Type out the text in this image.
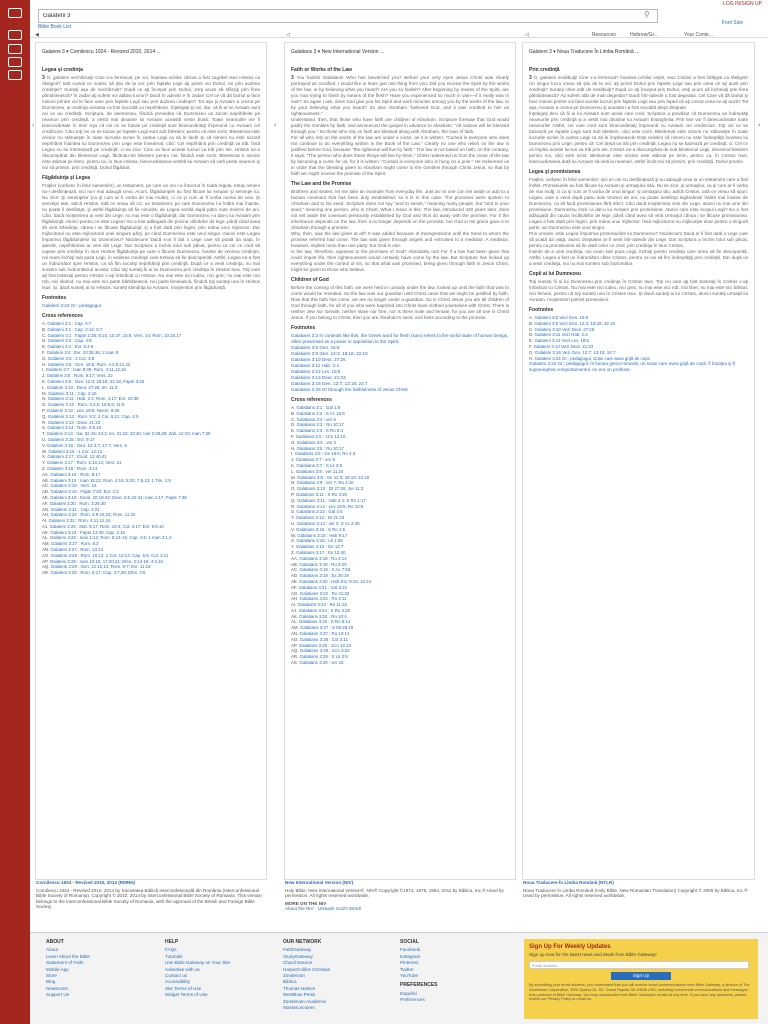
Galateni 3
⚲
LOG IN/SIGN UP
Bible Book List
Font Size
◀	◁	◁	Resources	Hebrew/Gr...	Your Conte...
‹	‹	›
Galateni 3 ▾ Cornilescu 1924 - Revized 2010, 2014 ...
Legea şi credinţa
3 O, galateni nechibzuiţi! Cine v-a fermecat, pe voi, înaintea ochilor cărora a fost zugrăvit Isus Hristos ca răstignit? Iată numai ce voiesc să ştiu de la voi: prin faptele Legii aţi primit voi Duhul, ori prin auzirea credinţei? Sunteţi aşa de nechibzuiţi? După ce aţi început prin Duhul, vreţi acum să sfârşiţi prin firea pământească? În zadar aţi suferit voi atâtea lucruri? Dacă în adevăr e în zadar! Cel ce vă dă Duhul şi face minuni printre voi le face oare prin faptele Legii sau prin auzirea credinţei? Tot aşa şi Avraam a crezut pe Dumnezeu, şi credinţa aceasta i-a fost socotită ca neprihănire. Înţelegeţi şi voi, dar, că fii ai lui Avraam sunt cei ce au credinţă. Scriptura, de asemenea, fiindcă prevedea că Dumnezeu va socoti neprihănite pe neamuri prin credinţă, a vestit mai dinainte lui Avraam această veste bună: Toate neamurile vor fi binecuvântate în tine! Aşa că cei ce se bizuie pe credinţă sunt binecuvântaţi împreună cu Avraam cel credincios. Căci toţi cei ce se bizuie pe faptele Legii sunt sub blestem; pentru că este scris: Blestemat este oricine nu stăruieşte în toate lucrurile scrise în cartea Legii ca să le facă! Şi că nimeni nu este socotit neprihănit înaintea lui Dumnezeu prin Lege este învederat, căci: Cel neprihănit prin credinţă va trăi. Însă Legea nu se întemeiază pe credinţă; ci ea zice: Cine va face aceste lucruri va trăi prin ele. Hristos ne-a răscumpărat din blestemul Legii, făcându-Se blestem pentru noi, fiindcă este scris: Blestemat e oricine este atârnat pe lemn. pentru ca, în Isus Hristos, binecuvântarea vestită lui Avraam să vină peste neamuri şi noi să primim, prin credinţă, Duhul făgăduit.
Făgăduinţa şi Legea
Fraţilor (vorbesc în felul oamenilor), un testament, pe care un om l-a întocmit în toată regula, totuşi nimeni nu-l desfiinţează, nici nu-i mai adaugă ceva. Acum, făgăduinţele au fost făcute lui Avraam şi seminţei lui. Nu zice: Şi seminţelor (ca şi cum ar fi vorba de mai multe), ci ca şi cum ar fi vorba numai de una: Şi seminţei tale, adică Hristos. Iată ce vreau să zic: un testament, pe care Dumnezeu l-a întărit mai înainte, nu poate fi desfiinţat, şi astfel făgăduinţa să fie nimicită, de Legea venită după patru sute treizeci de ani. Căci, dacă moştenirea ar veni din Lege, nu mai este o făgăduinţă; dar Dumnezeu i-a dat-o lui Avraam prin făgăduinţă. Atunci pentru ce este Legea? Ea a fost adăugată din pricina călcărilor de lege, până când avea să vină Sămânţa, căreia i se făcuse făgăduinţa; şi a fost dată prin îngeri, prin mâna unui mijlocitor. Dar mijlocitorul nu este mijlocitorul unei singure părţi, pe când Dumnezeu este unul singur. Atunci este Legea împotriva făgăduinţelor lui Dumnezeu? Nicidecum! Dacă s-ar fi dat o Lege care să poată da viaţa, în adevăr, neprihănirea ar veni din Lege. Dar Scriptura a închis totul sub păcat, pentru ca cei ce cred să capete prin credinţa în Isus Hristos făgăduinţa pe care o făcuse Dumnezeu. Înainte de venirea credinţei, noi eram închişi sub paza Legii, în vederea credinţei care trebuia să fie descoperită. Astfel, Legea ne-a fost un îndrumător spre Hristos, ca să fim socotiţi neprihăniţi prin credinţă. După ce a venit credinţa, nu mai suntem sub îndrumătorul acesta. Căci toţi sunteţi fii ai lui Dumnezeu prin credinţa în Hristos Isus. Toţi care aţi fost botezaţi pentru Hristos v-aţi îmbrăcat cu Hristos. Nu mai este nici iudeu, nici grec; nu mai este nici rob, nici slobod; nu mai este nici parte bărbătească, nici parte femeiască, fiindcă toţi sunteţi una în Hristos Isus. Şi, dacă sunteţi ai lui Hristos, sunteţi sămânţa lui Avraam, moştenitori prin făgăduinţă.
Footnotes
Galateni 3:24 Gr.: pedagogul.
Cross references
A. Galateni 3:1 : Cap. 5:7
B. Galateni 3:1 : Cap. 2:14; 5:7
C. Galateni 3:1 : Fapte 2:38; 8:15; 10:47; 15:8; Vers. 14; Rom. 10:16,17
D. Galateni 3:3 : Cap. 4:9
E. Galateni 3:4 : Evr. 6:4-6
F. Galateni 3:4 : Evr. 10:35,36; 2 Ioan 8
G. Galateni 3:5 : 2 Cor. 3:8
H. Galateni 3:6 : Gen. 15:6; Rom. 4:3,9,21,22
I. Galateni 3:7 : Ioan 8:39; Rom. 4:11,12,16
J. Galateni 3:8 : Rom. 9:17; Vers. 22
K. Galateni 3:8 : Gen. 12:3; 18:18; 22:18; Fapte 3:25
L. Galateni 3:10 : Deut. 27:26; Ier. 11:3
M. Galateni 3:11 : Cap. 2:16
N. Galateni 3:11 : Hab. 2:4; Rom. 1:17; Evr. 10:38
O. Galateni 3:12 : Rom. 4:4,5; 10:5,6; 11:6
P. Galateni 3:12 : Lev. 18:5; Neem. 9:29
Q. Galateni 3:13 : Rom. 8:3; 2 Cor. 5:21; Cap. 4:5
R. Galateni 3:13 : Deut. 21:23
S. Galateni 3:14 : Rom. 4:9,16
T. Galateni 3:14 : Isa. 32:15; 44:3; Ier. 31:33; 32:40; Ioel 2:28,29; Zah. 12:10; Ioan 7:39
U. Galateni 3:15 : Evr. 9:17
V. Galateni 3:16 : Gen. 12:3,7; 17:7; Vers. 8
W. Galateni 3:16 : 1 Cor. 12:12
X. Galateni 3:17 : Exod. 12:40,41
Y. Galateni 3:17 : Rom. 4:13,14; Vers. 21
Z. Galateni 3:18 : Rom. 4:14
AA. Galateni 3:18 : Rom. 8:17
AB. Galateni 3:19 : Ioan 15:22; Rom. 4:15; 5:20; 7:8,13; 1 Tim. 1:9
AC. Galateni 3:19 : Vers. 16
AD. Galateni 3:19 : Fapte 7:53; Evr. 2:2
AE. Galateni 3:19 : Exod. 20:19-22; Deut. 5:5,22-31; Ioan 1:17; Fapte 7:38
AF. Galateni 3:20 : Rom. 3:29,30
AG. Galateni 3:21 : Cap. 2:21
AH. Galateni 3:22 : Rom. 3:9-19,23; Rom. 11:32
AI. Galateni 3:22 : Rom. 4:11,12,16
AJ. Galateni 3:24 : Mat. 5:17; Rom. 10:4; Col. 2:17; Evr. 9:9,10
AK. Galateni 3:24 : Fapte 13:39; Cap. 2:16
AL. Galateni 3:26 : Ioan 1:12; Rom. 8:14-16; Cap. 4:5; 1 Ioan 3:1,2
AM. Galateni 3:27 : Rom. 6:3
AN. Galateni 3:27 : Rom. 13:14
AO. Galateni 3:28 : Rom. 10:12; 1 Cor. 12:13; Cap. 5:6; Col. 3:11
AP. Galateni 3:28 : Ioan 10:16; 17:20,21; Efes. 2:14-16; 4:4,15
AQ. Galateni 3:29 : Gen. 21:10,12; Rom. 9:7; Evr. 11:18
AR. Galateni 3:29 : Rom. 8:17; Cap. 4:7,28; Efes. 3:6
Galatians 3 ▾ New International Version ...
Faith or Works of the Law
3 You foolish Galatians! Who has bewitched you? Before your very eyes Jesus Christ was clearly portrayed as crucified. I would like to learn just one thing from you: Did you receive the Spirit by the works of the law, or by believing what you heard? Are you so foolish? After beginning by means of the Spirit, are you now trying to finish by means of the flesh? Have you experienced so much in vain—if it really was in vain? So again I ask, does God give you his Spirit and work miracles among you by the works of the law, or by your believing what you heard? So also Abraham "believed God, and it was credited to him as righteousness."
Understand, then, that those who have faith are children of Abraham. Scripture foresaw that God would justify the Gentiles by faith, and announced the gospel in advance to Abraham: "All nations will be blessed through you." So those who rely on faith are blessed along with Abraham, the man of faith.
For all who rely on the works of the law are under a curse, as it is written: "Cursed is everyone who does not continue to do everything written in the Book of the Law." Clearly no one who relies on the law is justified before God, because "the righteous will live by faith." The law is not based on faith; on the contrary, it says, "The person who does these things will live by them." Christ redeemed us from the curse of the law by becoming a curse for us, for it is written: "Cursed is everyone who is hung on a pole." He redeemed us in order that the blessing given to Abraham might come to the Gentiles through Christ Jesus, so that by faith we might receive the promise of the Spirit.
The Law and the Promise
Brothers and sisters, let me take an example from everyday life. Just as no one can set aside or add to a human covenant that has been duly established, so it is in this case. The promises were spoken to Abraham and to his seed. Scripture does not say "and to seeds," meaning many people, but "and to your seed," meaning one person, who is Christ. What I mean is this: The law, introduced 430 years later, does not set aside the covenant previously established by God and thus do away with the promise. For if the inheritance depends on the law, then it no longer depends on the promise; but God in his grace gave it to Abraham through a promise.
Why, then, was the law given at all? It was added because of transgressions until the Seed to whom the promise referred had come. The law was given through angels and entrusted to a mediator. A mediator, however, implies more than one party; but God is one.
Is the law, therefore, opposed to the promises of God? Absolutely not! For if a law had been given that could impart life, then righteousness would certainly have come by the law. But Scripture has locked up everything under the control of sin, so that what was promised, being given through faith in Jesus Christ, might be given to those who believe.
Children of God
Before the coming of this faith, we were held in custody under the law, locked up until the faith that was to come would be revealed. So the law was our guardian until Christ came that we might be justified by faith. Now that this faith has come, we are no longer under a guardian. So in Christ Jesus you are all children of God through faith, for all of you who were baptized into Christ have clothed yourselves with Christ. There is neither Jew nor Gentile, neither slave nor free, nor is there male and female, for you are all one in Christ Jesus. If you belong to Christ, then you are Abraham's seed, and heirs according to the promise.
Footnotes
Galatians 3:3 In contexts like this, the Greek word for flesh (sarx) refers to the sinful state of human beings, often presented as a power in opposition to the Spirit.
Galatians 3:6 Gen. 15:6
Galatians 3:8 Gen. 12:3; 18:18; 22:18
Galatians 3:10 Deut. 27:26
Galatians 3:11 Hab. 2:4
Galatians 3:12 Lev. 18:5
Galatians 3:13 Deut. 21:23
Galatians 3:16 Gen. 12:7; 13:15; 24:7
Galatians 3:26 Or through the faithfulness of Jesus Christ
Cross references
A. Galatians 3:1 : Gal 1:8
B. Galatians 3:2 : S Ac 15:8
C. Galatians 3:2 : ver 5
D. Galatians 3:2 : Ro 10:17
E. Galatians 3:3 : S Ro 8:4
F. Galatians 3:5 : 1Co 12:10
G. Galatians 3:5 : ver 2
H. Galatians 3:5 : Ro 10:17
I. Galatians 3:6 : Ge 15:6; Ro 4:3
J. Galatians 3:7 : ver 9
K. Galatians 3:7 : S Lk 3:8
L. Galatians 3:8 : ver 11,24
M. Galatians 3:8 : Ge 12:3; 18:18; 22:18
N. Galatians 3:9 : ver 7; Ro 4:16
O. Galatians 3:10 : Dt 27:26; Jer 11:3
P. Galatians 3:11 : S Ro 3:20
Q. Galatians 3:11 : Hab 2:4; S Ro 1:17
R. Galatians 3:12 : Lev 18:5; Ro 10:5
S. Galatians 3:13 : Gal 4:5
T. Galatians 3:13 : Dt 21:23
U. Galatians 3:14 : ver 2; S Ac 2:33
V. Galatians 3:15 : S Ro 1:5
W. Galatians 3:15 : Heb 9:17
X. Galatians 3:16 : Lk 1:55
Y. Galatians 3:16 : Ge 12:7
Z. Galatians 3:17 : Ex 12:40
AA. Galatians 3:18 : Ro 4:14
AB. Galatians 3:19 : Ro 5:20
AC. Galatians 3:19 : S Ac 7:53
AD. Galatians 3:19 : Ex 20:19
AE. Galatians 3:20 : Heb 8:6; 9:15; 12:24
AF. Galatians 3:21 : Gal 2:21
AG. Galatians 3:22 : Ro 11:32
AH. Galatians 3:22 : Ro 4:11
AI. Galatians 3:23 : Ro 11:32
AJ. Galatians 3:24 : S Ro 3:20
AK. Galatians 3:24 : Ro 10:4
AL. Galatians 3:26 : S Ro 8:14
AM. Galatians 3:27 : S Mt 28:19
AN. Galatians 3:27 : Ro 13:14
AO. Galatians 3:28 : Col 3:11
AP. Galatians 3:28 : 1Co 12:13
AQ. Galatians 3:29 : 1Co 3:23
AR. Galatians 3:29 : S Lk 3:8
AS. Galatians 3:29 : ver 18
Galateni 3 ▾ Noua Traducere În Limba Română ...
Prin credinţă
3 O, galateni nesăbuiţi! Cine v-a fermecat? Înaintea ochilor voştri, Isus Cristos a fost înfăţişat ca răstignit! Un singur lucru vreau să ştiu de la voi: aţi primit Duhul prin faptele Legii sau prin ceea ce aţi auzit prin credinţă? Sunteţi chiar atât de nesăbuiţi? După ce aţi început prin Duhul, vreţi acum să încheiaţi prin firea pământească? Aţi suferit atât de mult degeaba? Dacă într-adevăr a fost degeaba. Cel Care vă dă Duhul şi face minuni printre voi face aceste lucruri prin faptele Legii sau prin faptul că aţi crezut ceea ce aţi auzit? Tot aşa, Avraam a crezut pe Dumnezeu şi aceasta i-a fost socotită drept dreptate.
Înţelegeţi deci că fii ai lui Avraam sunt aceia care cred. Scriptura a prevăzut că Dumnezeu va îndreptăţi neamurile prin credinţă şi a vestit mai dinainte lui Avraam Evanghelia: Prin tine vor fi binecuvântate toate neamurile! Astfel, cei care cred sunt binecuvântaţi împreună cu Avraam cel credincios. Toţi cei ce se bazează pe faptele Legii sunt sub blestem, căci este scris: Blestemat este oricine nu stăruieşte în toate lucrurile scrise în cartea Legii ca să le împlinească! Este evident că nimeni nu este îndreptăţit înaintea lui Dumnezeu prin Lege, pentru că: Cel drept va trăi prin credinţă. Legea nu se bazează pe credinţă, ci: Cel ce va împlini aceste lucruri va trăi prin ele. Cristos ne-a răscumpărat de sub blestemul Legii, devenind blestem pentru noi, căci este scris: Blestemat este oricine este atârnat pe lemn, pentru ca, în Cristos Isus, binecuvântarea dată lui Avraam să vină la neamuri, astfel încât noi să primim, prin credinţă, Duhul promis.
Legea şi promisiunea
Fraţilor, vorbesc în felul oamenilor: nici un om nu desfiinţează şi nu adaugă ceva la un testament care a fost întărit. Promisiunile au fost făcute lui Avraam şi urmaşului său. Nu se zice: şi urmaşilor, ca şi cum ar fi vorba de mai mulţi, ci ca şi cum ar fi vorba de unul singur: şi urmaşului tău, adică Cristos. Iată ce vreau să spun: Legea, care a venit după patru sute treizeci de ani, nu poate desfiinţa legământul întărit mai înainte de Dumnezeu, ca să facă promisiunea fără efect. Căci dacă moştenirea vine din Lege, atunci nu mai vine din promisiune. Dumnezeu însă i-a dat-o lui Avraam prin promisiune. Atunci care este scopul Legii? Ea a fost adăugată din cauza încălcărilor de lege, până când avea să vină Urmaşul căruia i se făcuse promisiunea. Legea a fost dată prin îngeri, prin mâna unui mijlocitor. Însă mijlocitorul nu mijloceşte doar pentru o singură parte, iar Dumnezeu este unul singur.
Prin urmare, este Legea împotriva promisiunilor lui Dumnezeu? Nicidecum! Dacă ar fi fost dată o Lege care să poată da viaţa, atunci dreptatea ar fi venit într-adevăr din Lege. Dar Scriptura a închis totul sub păcat, pentru ca promisiunea să fie dată celor ce cred, prin credinţa în Isus Cristos.
Înainte de a veni credinţa, noi eram sub paza Legii, închişi pentru credinţa care urma să fie descoperită. Astfel, Legea a fost un îndrumător către Cristos, pentru ca noi să fim îndreptăţiţi prin credinţă. Dar după ce a venit credinţa, noi nu mai suntem sub îndrumător.
Copii ai lui Dumnezeu
Toţi sunteţi fii ai lui Dumnezeu prin credinţa în Cristos Isus. Toţi cei care aţi fost botezaţi în Cristos v-aţi îmbrăcat cu Cristos. Nu mai este nici iudeu, nici grec; nu mai este nici rob, nici liber; nu mai este nici bărbat, nici femeie, pentru că toţi sunteţi una în Cristos Isus. Şi dacă sunteţi ai lui Cristos, atunci sunteţi urmaşii lui Avraam, moştenitori potrivit promisiunii.
Footnotes
A. Galateni 3:6 Vezi Gen. 15:6
B. Galateni 3:8 Vezi Gen. 12:3; 18:18; 22:18
C. Galateni 3:10 Vezi Deut. 27:26
D. Galateni 3:11 Vezi Hab. 2:4
E. Galateni 3:12 Vezi Lev. 18:5
F. Galateni 3:13 Vezi Deut. 21:23
G. Galateni 3:16 Vezi Gen. 12:7; 13:15; 24:7
H. Galateni 3:24 Gr.: pedagogul, sclav care avea grijă de copii
Galateni 3:24 Gr.: pedagogul; în lumea greco-romană, un sclav care avea grijă de copil, îl însoţea şi îl supraveghea comportamentul, nu era un profesor.
Cornilescu 1924 - Revized 2010, 2014 (RMNN)
Cornilescu 1924 - Revised 2010, 2014 by Societatea Biblică Interconfesională din România (Interconfessional Bible Society of Romania). Copyright © 2010, 2014 by Interconfessional Bible Society of Romania. This version belongs to the Interconfessional Bible Society of Romania, with the approval of the British and Foreign Bible Society.
New International Version (NIV)
Holy Bible, New International Version®, NIV® Copyright ©1973, 1978, 1984, 2011 by Biblica, Inc.® Used by permission. All rights reserved worldwide.
MORE ON THE NIV
About the NIV · Unleash God's Word!
Noua Traducere În Limba Română (NTLR)
Noua Traducere în Limba Română (Holy Bible, New Romanian Translation) Copyright © 2006 by Biblica, Inc.® Used by permission. All rights reserved worldwide.
ABOUT
About
Learn About the Bible
Statement of Faith
Mobile App
Store
Blog
Newsroom
Support Us
HELP
FAQs
Tutorials
Use Bible Gateway on Your Site
Advertise with us
Contact us
Accessibility
Site Terms of Use
Widget Terms of Use
OUR NETWORK
FaithGateway
StudyGateway
ChurchSource
HarperCollins Christian
Zondervan
Biblica
Thomas Nelson
WestBow Press
Zondervan Academic
MasterLectures
SOCIAL
Facebook
Instagram
Pinterest
Twitter
YouTube
PREFERENCES
Español
Preferences
Sign Up For Weekly Updates
Sign up now for the latest news and deals from Bible Gateway!
Email address
Sign Up
By submitting your email address, you understand that you will receive email communications from Bible Gateway, a division of The Zondervan Corporation, 3900 Sparks Dr. SE, Grand Rapids, MI 49546 USA, including commercial communications and messages from partners of Bible Gateway. You may unsubscribe from Bible Gateway's emails at any time. If you have any questions, please review our Privacy Policy or email us.
